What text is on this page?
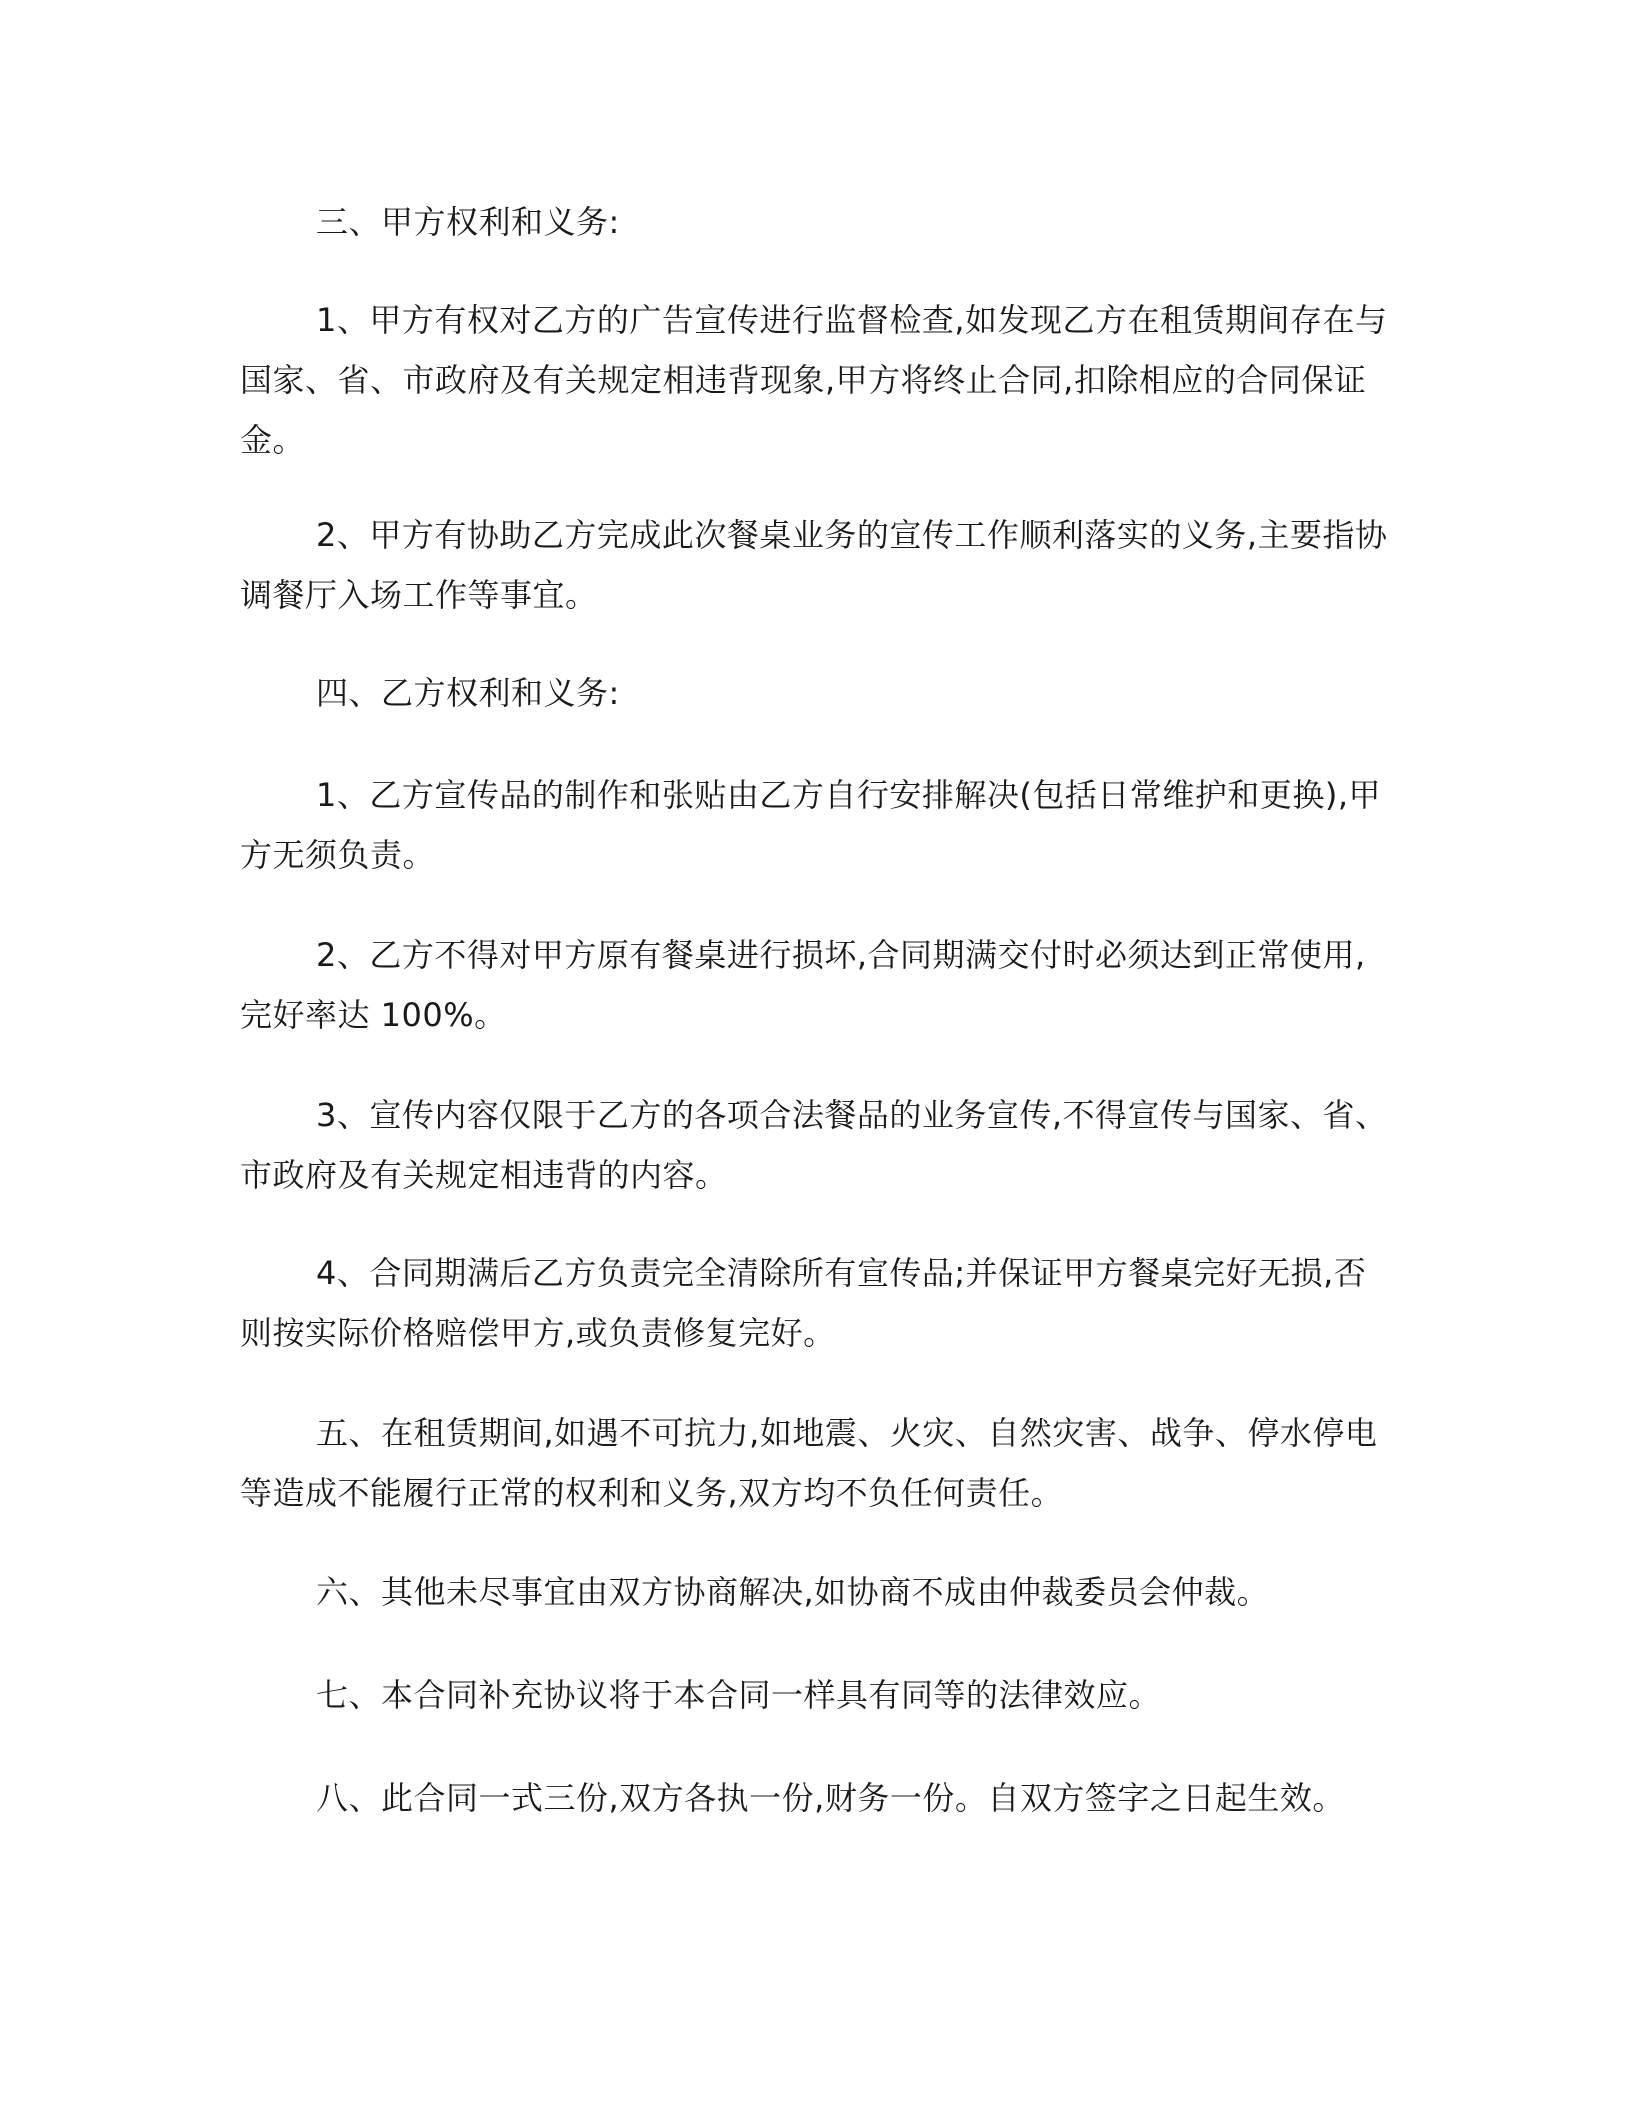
三、甲方权利和义务:

1、甲方有权对乙方的广告宣传进行监督检查,如发现乙方在租赁期间存在与国家、省、市政府及有关规定相违背现象,甲方将终止合同,扣除相应的合同保证金。

2、甲方有协助乙方完成此次餐桌业务的宣传工作顺利落实的义务,主要指协调餐厅入场工作等事宜。

四、乙方权利和义务:

1、乙方宣传品的制作和张贴由乙方自行安排解决(包括日常维护和更换),甲方无须负责。

2、乙方不得对甲方原有餐桌进行损坏,合同期满交付时必须达到正常使用,完好率达 100%。

3、宣传内容仅限于乙方的各项合法餐品的业务宣传,不得宣传与国家、省、市政府及有关规定相违背的内容。

4、合同期满后乙方负责完全清除所有宣传品;并保证甲方餐桌完好无损,否则按实际价格赔偿甲方,或负责修复完好。

五、在租赁期间,如遇不可抗力,如地震、火灾、自然灾害、战争、停水停电等造成不能履行正常的权利和义务,双方均不负任何责任。

六、其他未尽事宜由双方协商解决,如协商不成由仲裁委员会仲裁。

七、本合同补充协议将于本合同一样具有同等的法律效应。

八、此合同一式三份,双方各执一份,财务一份。自双方签字之日起生效。
